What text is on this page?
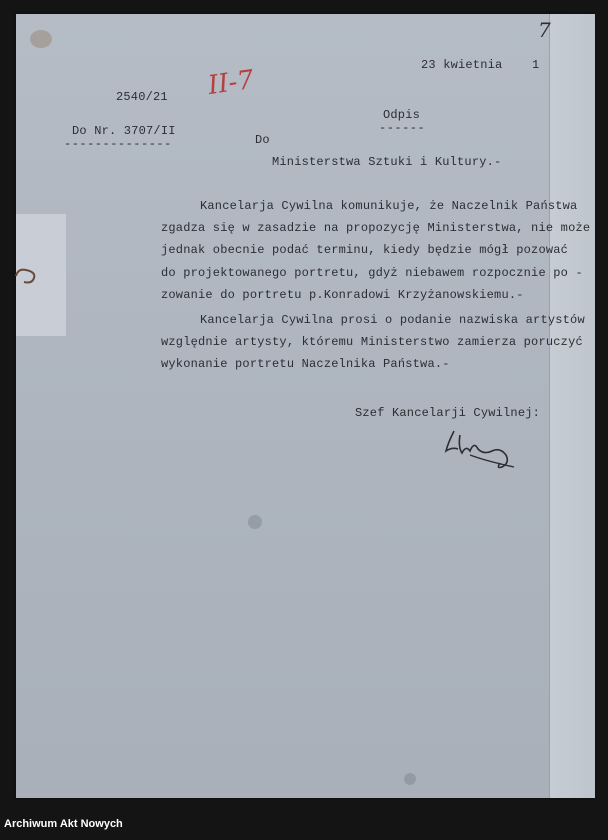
7
23 kwietnia 1
2540/21 II-7
Odpis
------
Do Nr. 3707/II
--------------	Do
Ministerstwa Sztuki i Kultury.-
Kancelarja Cywilna komunikuje, że Naczelnik Państwa
zgadza się w zasadzie na propozycję Ministerstwa, nie może
jednak obecnie podać terminu, kiedy będzie mógł pozować
do projektowanego portretu, gdyż niebawem rozpocznie po -
zowanie do portretu p.Konradowi Krzyżanowskiemu.-
Kancelarja Cywilna prosi o podanie nazwiska artystów
względnie artysty, któremu Ministerstwo zamierza poruczyć
wykonanie portretu Naczelnika Państwa.-
Szef Kancelarji Cywilnej:
Archiwum Akt Nowych
